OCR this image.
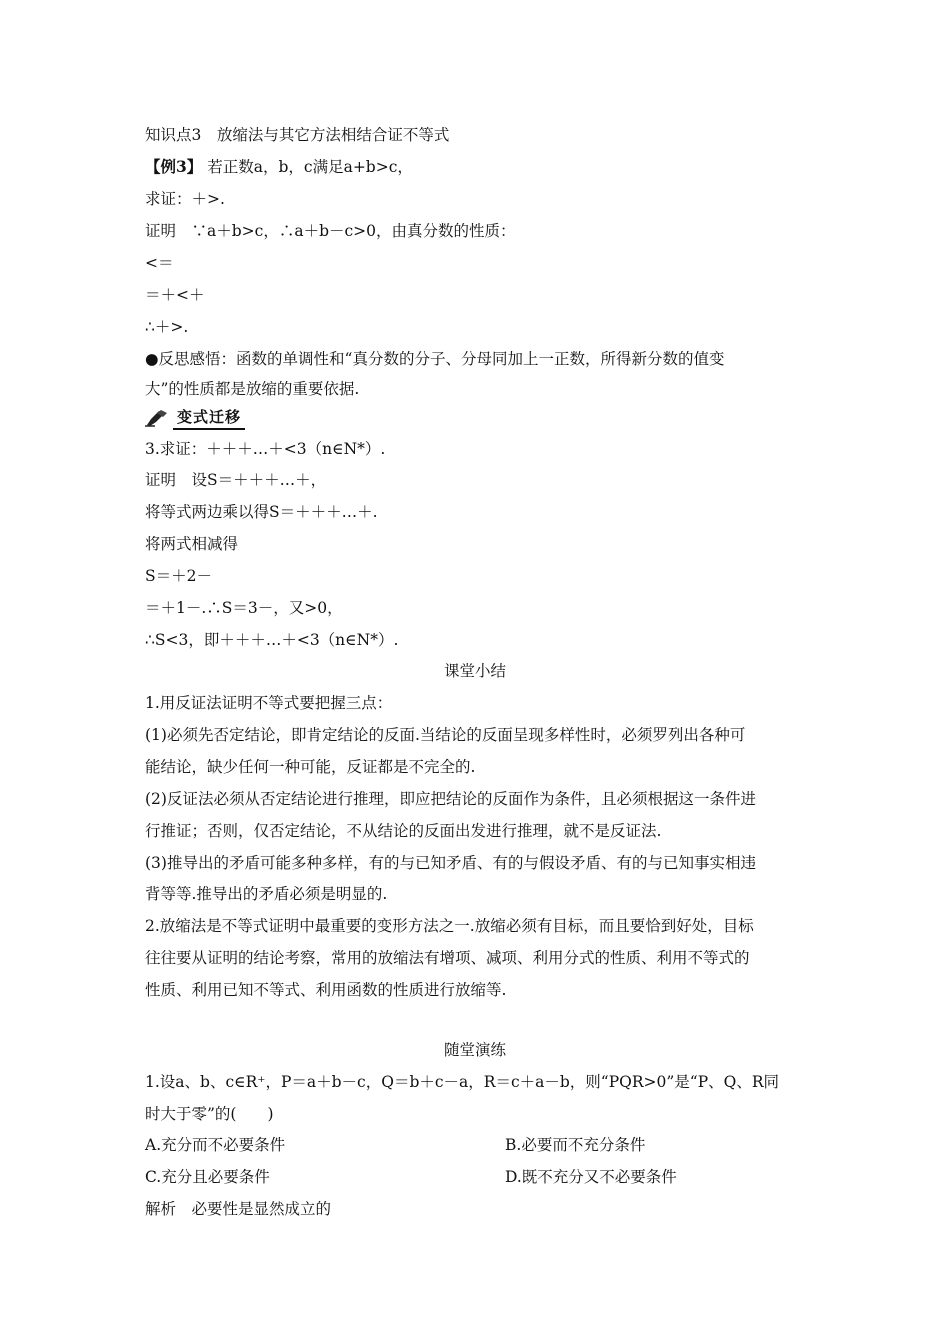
知识点3　放缩法与其它方法相结合证不等式
【例3】 若正数a，b，c满足a+b>c，
求证：＋>.
证明　∵a＋b>c，∴a＋b－c>0，由真分数的性质：
<＝
＝＋<＋
∴＋>.
●反思感悟：函数的单调性和“真分数的分子、分母同加上一正数，所得新分数的值变
大”的性质都是放缩的重要依据.
变式迁移
3.求证：＋＋＋…＋<3（n∈N*）.
证明　设S＝＋＋＋…＋，
将等式两边乘以得S＝＋＋＋…＋.
将两式相减得
S＝＋2－
＝＋1－.∴S＝3－，又>0，
∴S<3，即＋＋＋…＋<3（n∈N*）.
课堂小结
1.用反证法证明不等式要把握三点：
(1)必须先否定结论，即肯定结论的反面.当结论的反面呈现多样性时，必须罗列出各种可
能结论，缺少任何一种可能，反证都是不完全的.
(2)反证法必须从否定结论进行推理，即应把结论的反面作为条件，且必须根据这一条件进
行推证；否则，仅否定结论，不从结论的反面出发进行推理，就不是反证法.
(3)推导出的矛盾可能多种多样，有的与已知矛盾、有的与假设矛盾、有的与已知事实相违
背等等.推导出的矛盾必须是明显的.
2.放缩法是不等式证明中最重要的变形方法之一.放缩必须有目标，而且要恰到好处，目标
往往要从证明的结论考察，常用的放缩法有增项、减项、利用分式的性质、利用不等式的
性质、利用已知不等式、利用函数的性质进行放缩等.
随堂演练
1.设a、b、c∈R⁺，P＝a＋b－c，Q＝b＋c－a，R＝c＋a－b，则“PQR>0”是“P、Q、R同
时大于零”的(　　)
A.充分而不必要条件	B.必要而不充分条件
C.充分且必要条件	D.既不充分又不必要条件
解析　必要性是显然成立的
